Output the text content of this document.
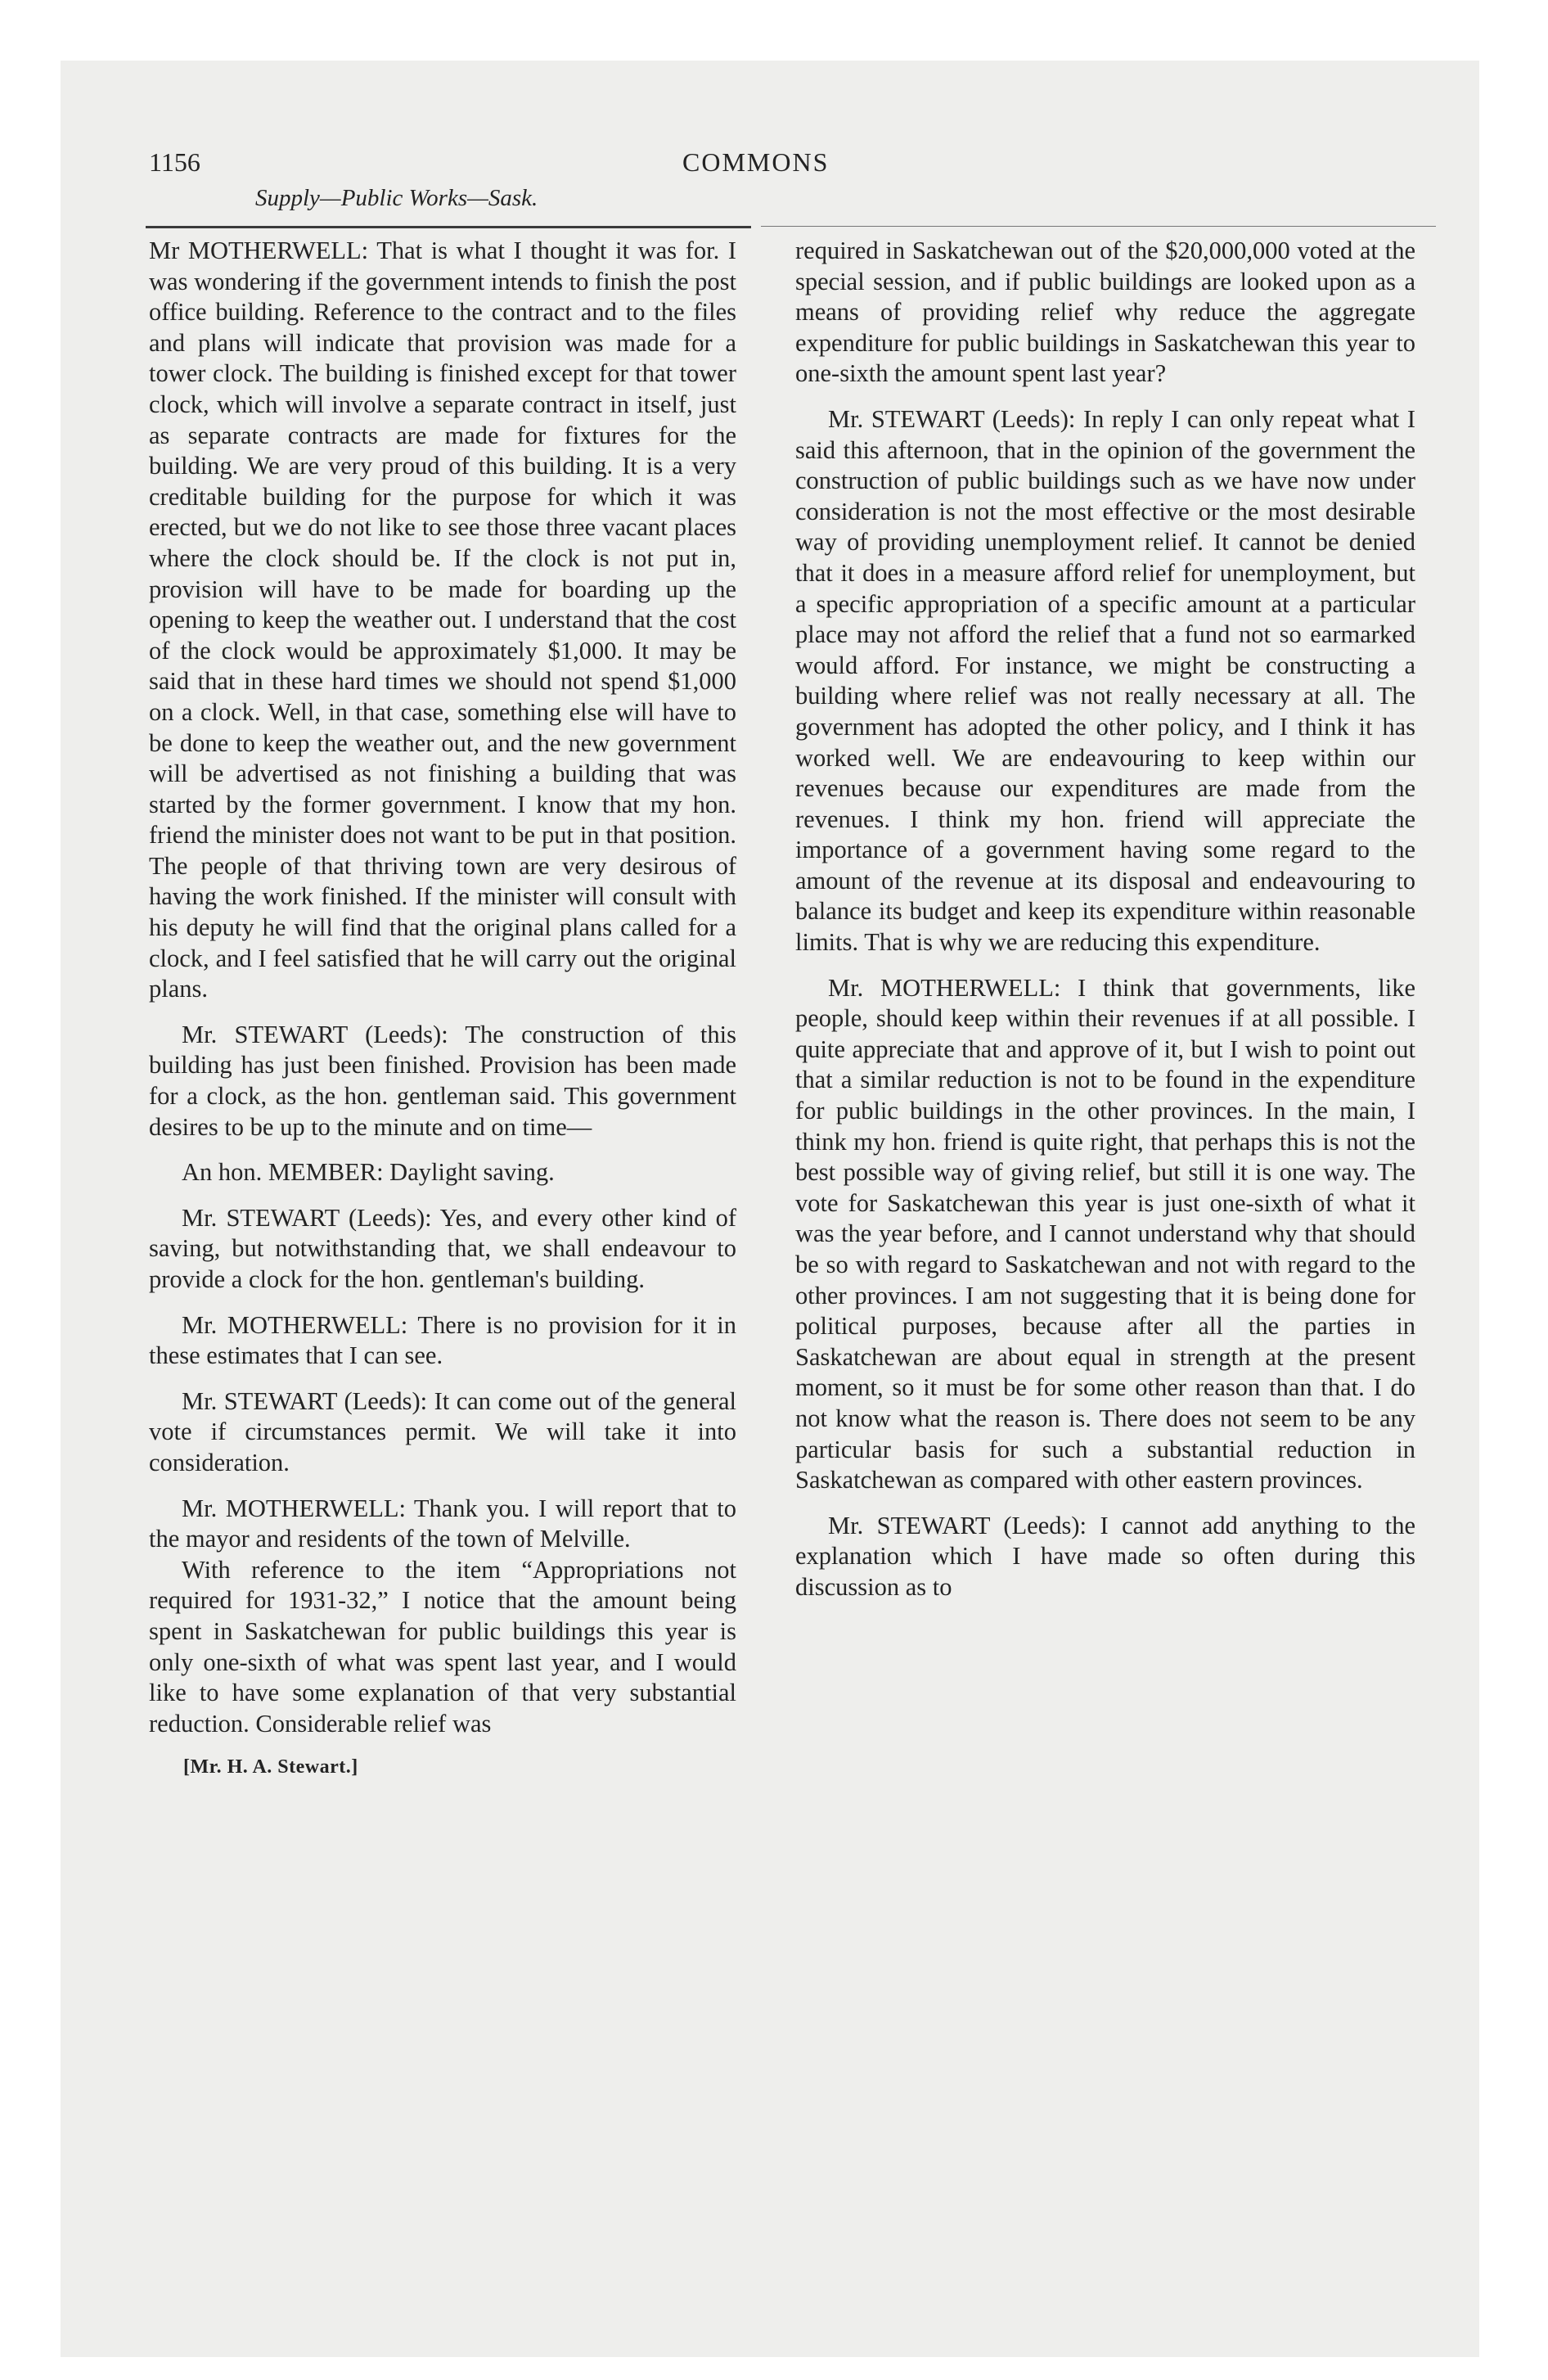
1156	COMMONS
Supply—Public Works—Sask.

Mr MOTHERWELL: That is what I thought it was for. I was wondering if the government intends to finish the post office building. Reference to the contract and to the files and plans will indicate that provision was made for a tower clock. The building is finished except for that tower clock, which will involve a separate contract in itself, just as separate contracts are made for fixtures for the building. We are very proud of this building. It is a very creditable building for the purpose for which it was erected, but we do not like to see those three vacant places where the clock should be. If the clock is not put in, provision will have to be made for boarding up the opening to keep the weather out. I understand that the cost of the clock would be approximately $1,000. It may be said that in these hard times we should not spend $1,000 on a clock. Well, in that case, something else will have to be done to keep the weather out, and the new government will be advertised as not finishing a building that was started by the former government. I know that my hon. friend the minister does not want to be put in that position. The people of that thriving town are very desirous of having the work finished. If the minister will consult with his deputy he will find that the original plans called for a clock, and I feel satisfied that he will carry out the original plans.

Mr. STEWART (Leeds): The construction of this building has just been finished. Provision has been made for a clock, as the hon. gentleman said. This government desires to be up to the minute and on time—

An hon. MEMBER: Daylight saving.

Mr. STEWART (Leeds): Yes, and every other kind of saving, but notwithstanding that, we shall endeavour to provide a clock for the hon. gentleman's building.

Mr. MOTHERWELL: There is no provision for it in these estimates that I can see.

Mr. STEWART (Leeds): It can come out of the general vote if circumstances permit. We will take it into consideration.

Mr. MOTHERWELL: Thank you. I will report that to the mayor and residents of the town of Melville.

With reference to the item “Appropriations not required for 1931-32,” I notice that the amount being spent in Saskatchewan for public buildings this year is only one-sixth of what was spent last year, and I would like to have some explanation of that very substantial reduction. Considerable relief was

[Mr. H. A. Stewart.]

required in Saskatchewan out of the $20,000,000 voted at the special session, and if public buildings are looked upon as a means of providing relief why reduce the aggregate expenditure for public buildings in Saskatchewan this year to one-sixth the amount spent last year?

Mr. STEWART (Leeds): In reply I can only repeat what I said this afternoon, that in the opinion of the government the construction of public buildings such as we have now under consideration is not the most effective or the most desirable way of providing unemployment relief. It cannot be denied that it does in a measure afford relief for unemployment, but a specific appropriation of a specific amount at a particular place may not afford the relief that a fund not so earmarked would afford. For instance, we might be constructing a building where relief was not really necessary at all. The government has adopted the other policy, and I think it has worked well. We are endeavouring to keep within our revenues because our expenditures are made from the revenues. I think my hon. friend will appreciate the importance of a government having some regard to the amount of the revenue at its disposal and endeavouring to balance its budget and keep its expenditure within reasonable limits. That is why we are reducing this expenditure.

Mr. MOTHERWELL: I think that governments, like people, should keep within their revenues if at all possible. I quite appreciate that and approve of it, but I wish to point out that a similar reduction is not to be found in the expenditure for public buildings in the other provinces. In the main, I think my hon. friend is quite right, that perhaps this is not the best possible way of giving relief, but still it is one way. The vote for Saskatchewan this year is just one-sixth of what it was the year before, and I cannot understand why that should be so with regard to Saskatchewan and not with regard to the other provinces. I am not suggesting that it is being done for political purposes, because after all the parties in Saskatchewan are about equal in strength at the present moment, so it must be for some other reason than that. I do not know what the reason is. There does not seem to be any particular basis for such a substantial reduction in Saskatchewan as compared with other eastern provinces.

Mr. STEWART (Leeds): I cannot add anything to the explanation which I have made so often during this discussion as to
